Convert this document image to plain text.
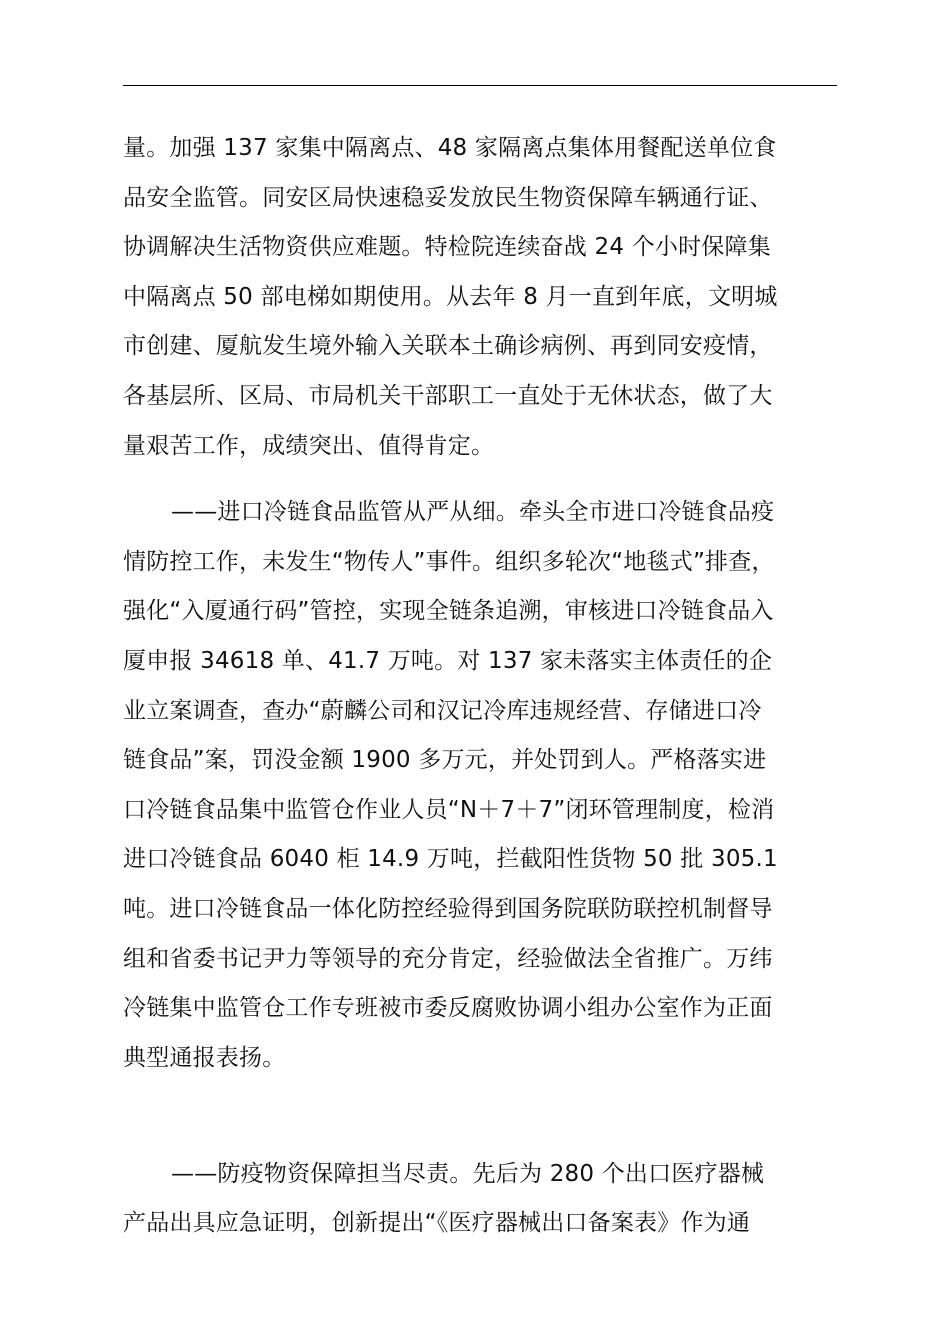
量。加强 137 家集中隔离点、48 家隔离点集体用餐配送单位食
品安全监管。同安区局快速稳妥发放民生物资保障车辆通行证、
协调解决生活物资供应难题。特检院连续奋战 24 个小时保障集
中隔离点 50 部电梯如期使用。从去年 8 月一直到年底，文明城
市创建、厦航发生境外输入关联本土确诊病例、再到同安疫情，
各基层所、区局、市局机关干部职工一直处于无休状态，做了大
量艰苦工作，成绩突出、值得肯定。
——进口冷链食品监管从严从细。牵头全市进口冷链食品疫
情防控工作，未发生“物传人”事件。组织多轮次“地毯式”排查，
强化“入厦通行码”管控，实现全链条追溯，审核进口冷链食品入
厦申报 34618 单、41.7 万吨。对 137 家未落实主体责任的企
业立案调查，查办“蔚麟公司和汉记冷库违规经营、存储进口冷
链食品”案，罚没金额 1900 多万元，并处罚到人。严格落实进
口冷链食品集中监管仓作业人员“N＋7＋7”闭环管理制度，检消
进口冷链食品 6040 柜 14.9 万吨，拦截阳性货物 50 批 305.1
吨。进口冷链食品一体化防控经验得到国务院联防联控机制督导
组和省委书记尹力等领导的充分肯定，经验做法全省推广。万纬
冷链集中监管仓工作专班被市委反腐败协调小组办公室作为正面
典型通报表扬。
——防疫物资保障担当尽责。先后为 280 个出口医疗器械
产品出具应急证明，创新提出“《医疗器械出口备案表》作为通
